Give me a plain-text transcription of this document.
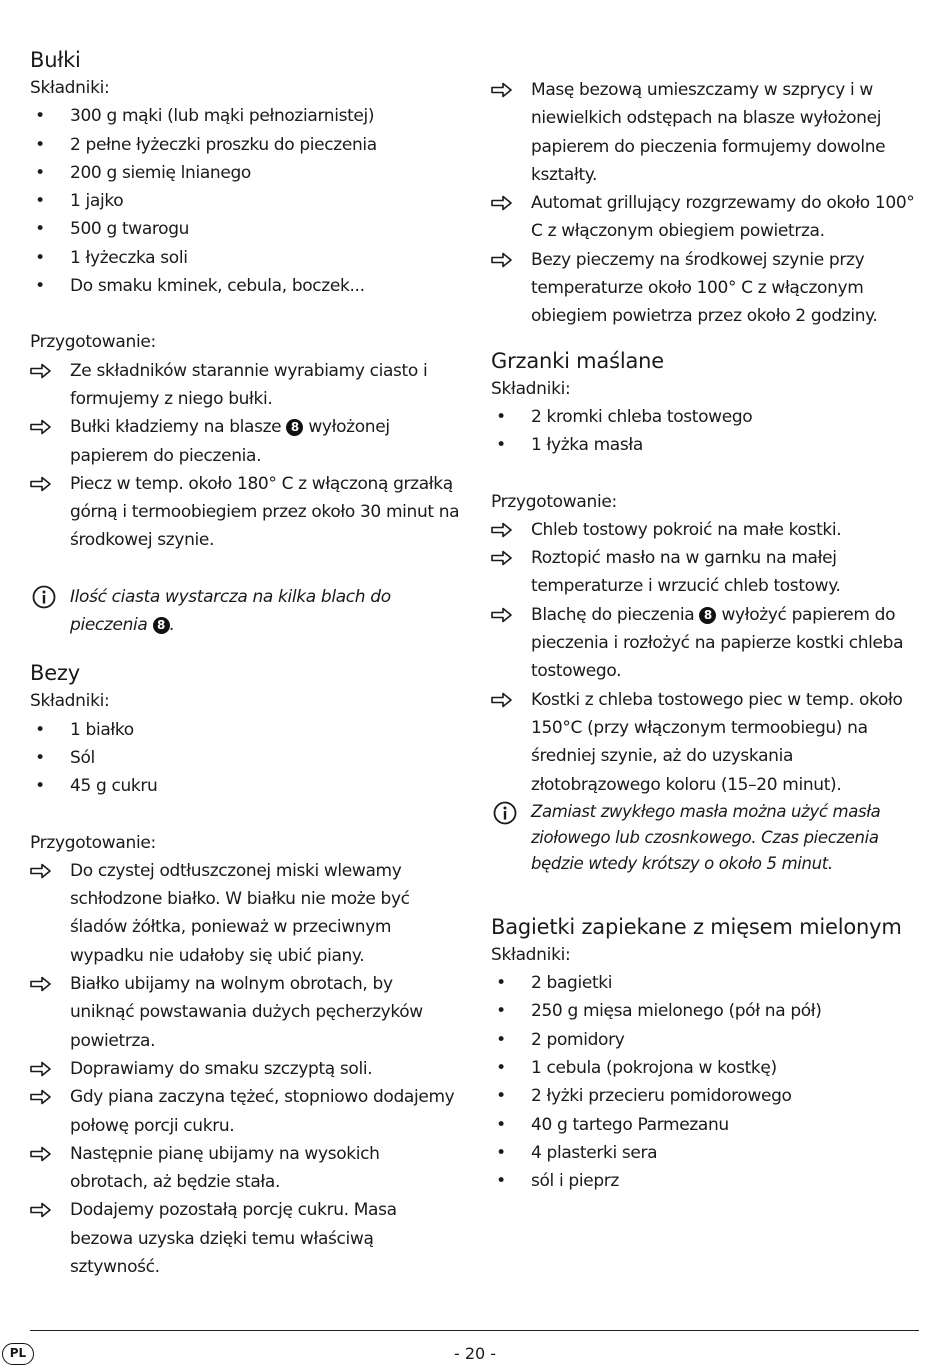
Bułki

Składniki:

• 300 g mąki (lub mąki pełnoziarnistej)
• 2 pełne łyżeczki proszku do pieczenia
• 200 g siemię lnianego
• 1 jajko
• 500 g twarogu
• 1 łyżeczka soli
• Do smaku kminek, cebula, boczek...

Przygotowanie:

Ze składników starannie wyrabiamy ciasto i formujemy z niego bułki.
Bułki kładziemy na blasze 8 wyłożonej papierem do pieczenia.
Piecz w temp. około 180° C z włączoną grzałką górną i termoobiegiem przez około 30 minut na środkowej szynie.
Ilość ciasta wystarcza na kilka blach do pieczenia 8 .
Bezy

Składniki:

• 1 białko
• Sól
• 45 g cukru

Przygotowanie:

Do czystej odtłuszczonej miski wlewamy schłodzone białko. W białku nie może być śladów żółtka, ponieważ w przeciwnym wypadku nie udałoby się ubić piany.
Białko ubijamy na wolnym obrotach, by uniknąć powstawania dużych pęcherzyków powietrza.
Doprawiamy do smaku szczyptą soli.
Gdy piana zaczyna tężeć, stopniowo dodajemy połowę porcji cukru.
Następnie pianę ubijamy na wysokich obrotach, aż będzie stała.
Dodajemy pozostałą porcję cukru. Masa bezowa uzyska dzięki temu właściwą sztywność.
Masę bezową umieszczamy w szprycy i w niewielkich odstępach na blasze wyłożonej papierem do pieczenia formujemy dowolne kształty.
Automat grillujący rozgrzewamy do około 100° C z włączonym obiegiem powietrza.
Bezy pieczemy na środkowej szynie przy temperaturze około 100° C z włączonym obiegiem powietrza przez około 2 godziny.
Grzanki maślane

Składniki:

• 2 kromki chleba tostowego
• 1 łyżka masła

Przygotowanie:

Chleb tostowy pokroić na małe kostki.
Roztopić masło na w garnku na małej temperaturze i wrzucić chleb tostowy.
Blachę do pieczenia 8 wyłożyć papierem do pieczenia i rozłożyć na papierze kostki chleba tostowego.
Kostki z chleba tostowego piec w temp. około 150°C (przy włączonym termoobiegu) na średniej szynie, aż do uzyskania złotobrązowego koloru (15–20 minut).
Zamiast zwykłego masła można użyć masła ziołowego lub czosnkowego. Czas pieczenia będzie wtedy krótszy o około 5 minut.
Bagietki zapiekane z mięsem mielonym

Składniki:

• 2 bagietki
• 250 g mięsa mielonego (pół na pół)
• 2 pomidory
• 1 cebula (pokrojona w kostkę)
• 2 łyżki przecieru pomidorowego
• 40 g tartego Parmezanu
• 4 plasterki sera
• sól i pieprz
PL	- 20 -
